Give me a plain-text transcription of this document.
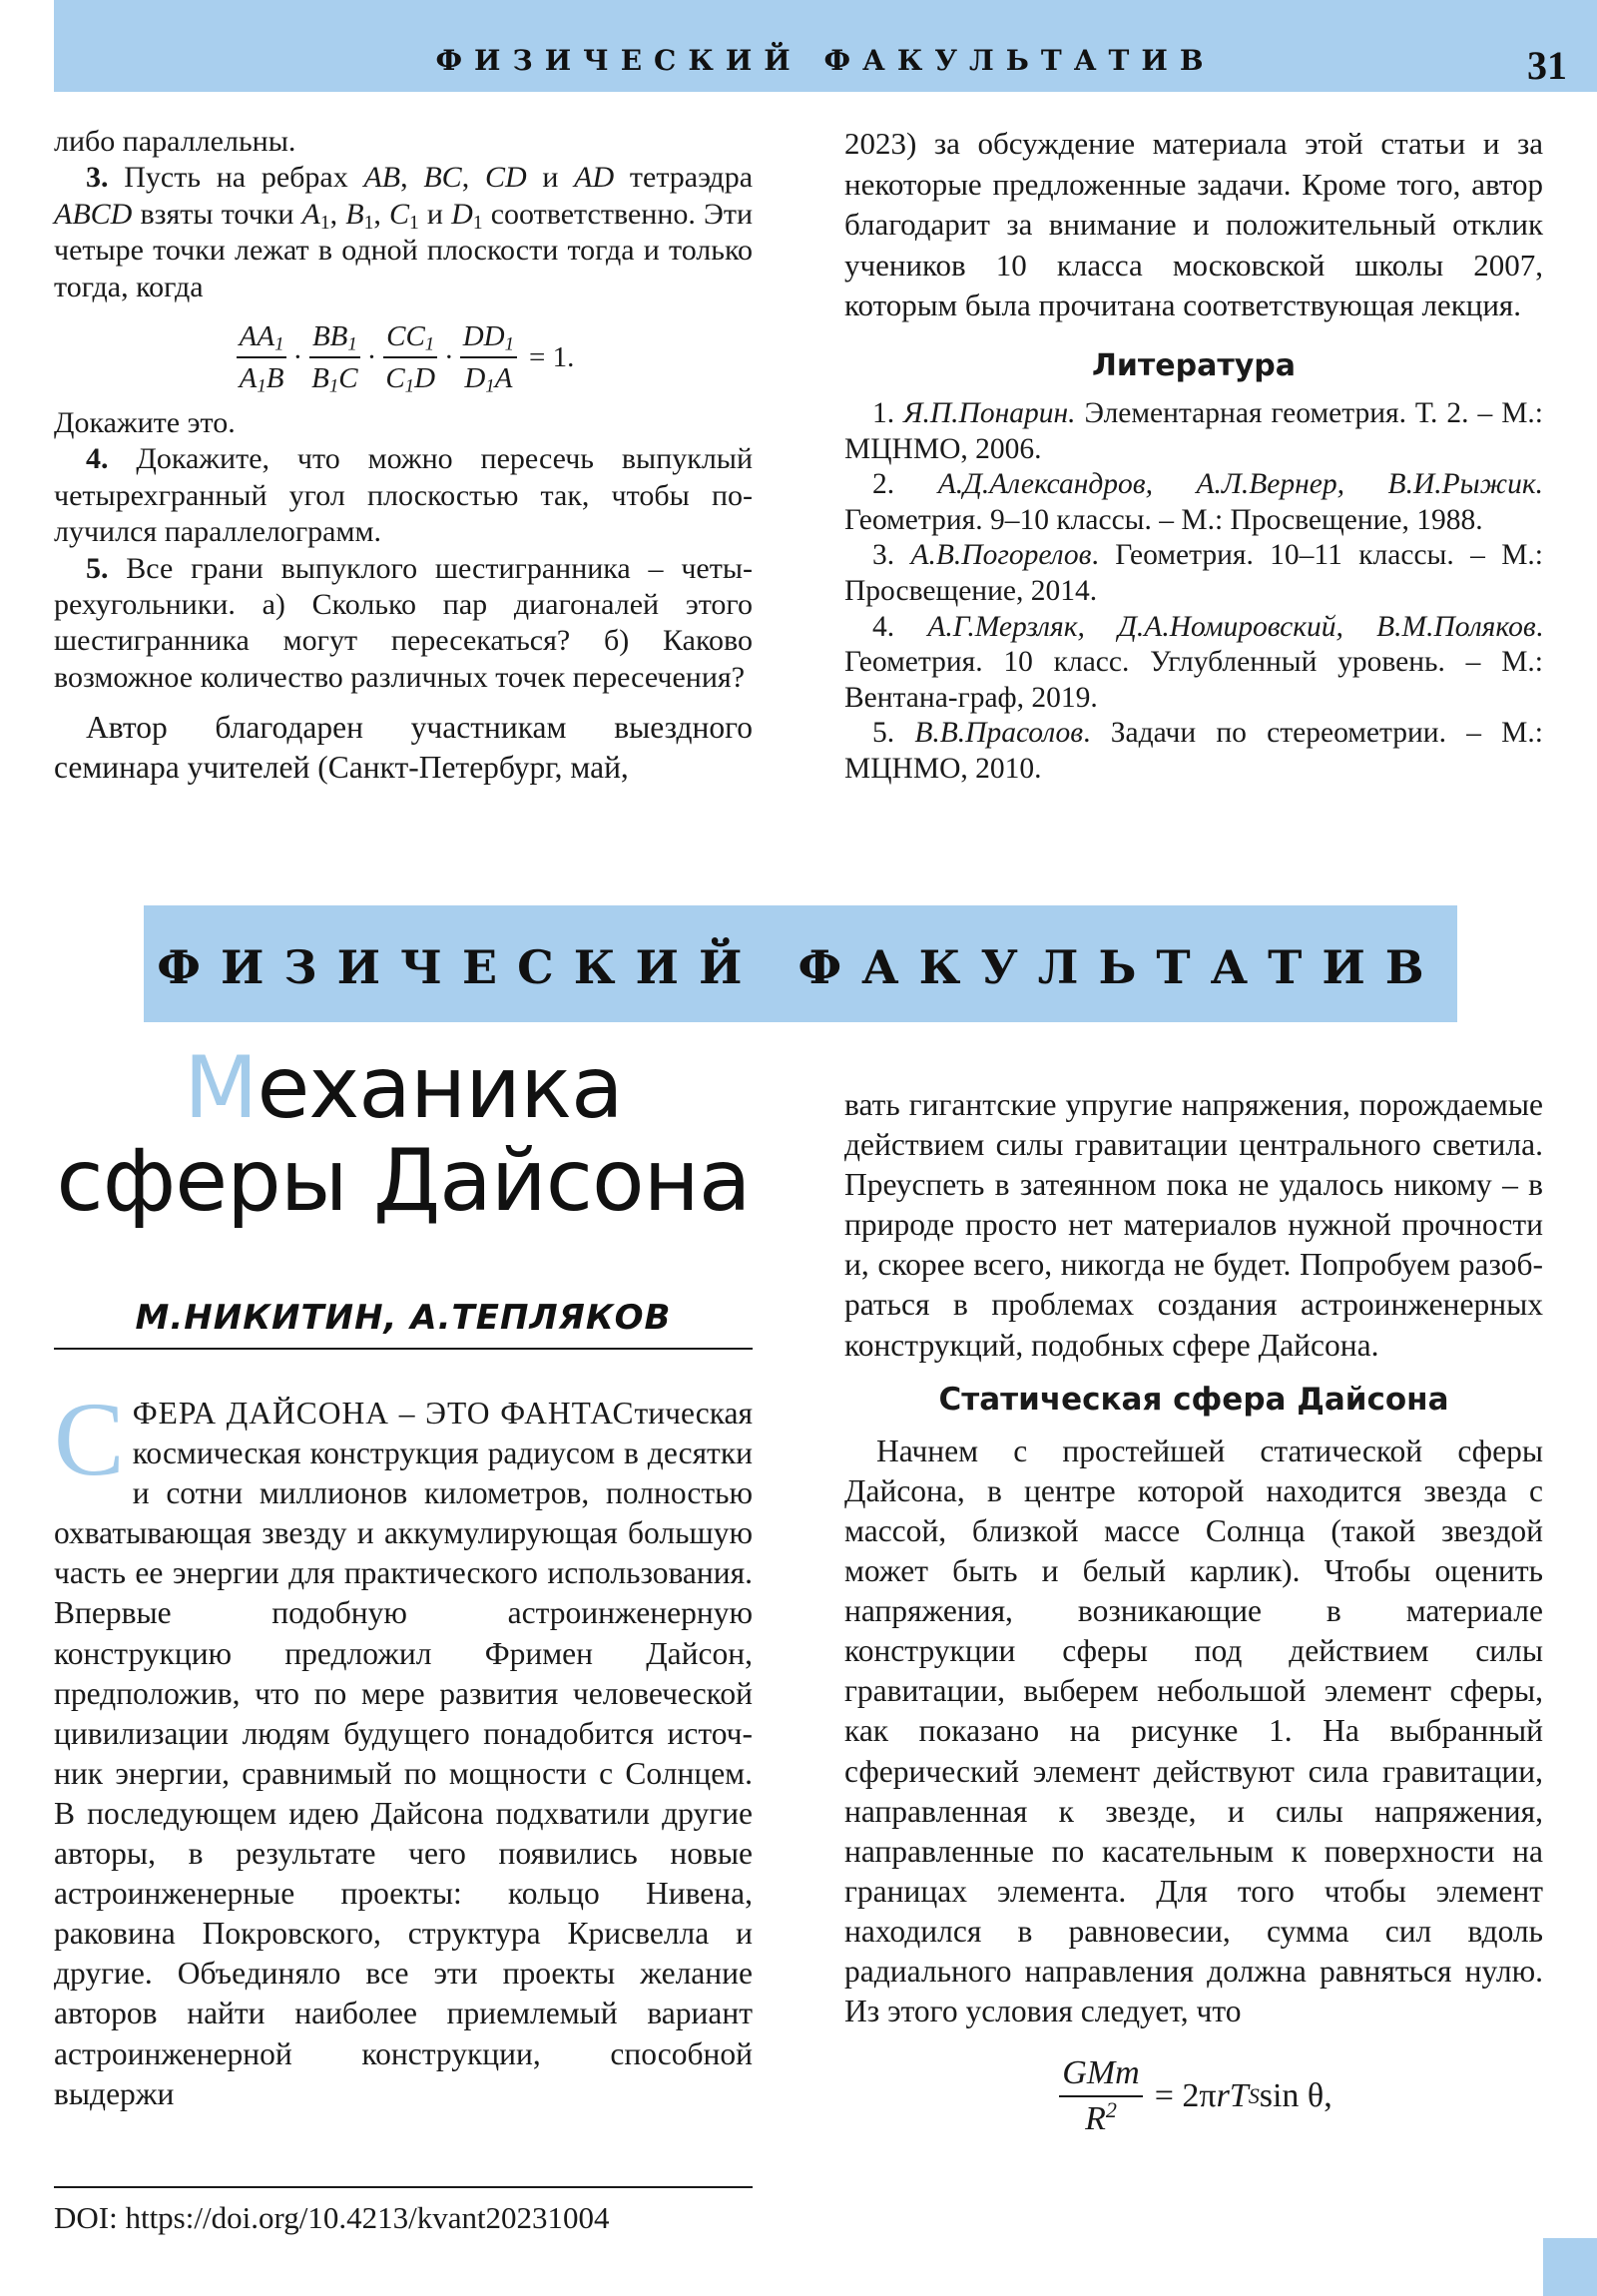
ФИЗИЧЕСКИЙ ФАКУЛЬТАТИВ	31

либо параллельны.

3. Пусть на ребрах AB, BC, CD и AD тетраэдра ABCD взяты точки $A_1$, $B_1$, $C_1$ и $D_1$ соответственно. Эти четыре точки лежат в одной плоскости тогда и только тогда, когда

$\frac{AA_1}{A_1B} \cdot \frac{BB_1}{B_1C} \cdot \frac{CC_1}{C_1D} \cdot \frac{DD_1}{D_1A} = 1$.

Докажите это.

4. Докажите, что можно пересечь выпуклый четырехгранный угол плоскостью так, чтобы получился параллелограмм.

5. Все грани выпуклого шестигранника – четырехугольники. а) Сколько пар диагоналей этого шестигранника могут пересекаться? б) Каково возможное количество различных точек пересечения?

Автор благодарен участникам выездного семинара учителей (Санкт-Петербург, май,

2023) за обсуждение материала этой статьи и за некоторые предложенные задачи. Кроме того, автор благодарит за внимание и положительный отклик учеников 10 класса московской школы 2007, которым была прочитана соответствующая лекция.

Литература

1. Я.П.Понарин. Элементарная геометрия. Т. 2. – М.: МЦНМО, 2006.

2. А.Д.Александров, А.Л.Вернер, В.И.Рыжик. Геометрия. 9–10 классы. – М.: Просвещение, 1988.

3. А.В.Погорелов. Геометрия. 10–11 классы. – М.: Просвещение, 2014.

4. А.Г.Мерзляк, Д.А.Номировский, В.М.Поляков. Геометрия. 10 класс. Углубленный уровень. – М.: Вентана-граф, 2019.

5. В.В.Прасолов. Задачи по стереометрии. – М.: МЦНМО, 2010.

ФИЗИЧЕСКИЙ ФАКУЛЬТАТИВ
Механика
сферы Дайсона
М.НИКИТИН, А.ТЕПЛЯКОВ

СФЕРА ДАЙСОНА – ЭТО ФАНТАСтическая космическая конструкция радиусом в десятки и сотни миллионов километров, полностью охватывающая звезду и аккумулирующая большую часть ее энергии для практического использования. Впервые подобную астроинженерную конструкцию предложил Фримен Дайсон, предположив, что по мере развития человеческой цивилизации людям будущего понадобится источник энергии, сравнимый по мощности с Солнцем. В последующем идею Дайсона подхватили другие авторы, в результате чего появились новые астроинженерные проекты: кольцо Нивена, раковина Покровского, структура Крисвелла и другие. Объединяло все эти проекты желание авторов найти наиболее приемлемый вариант астроинженерной конструкции, способной выдержи

DOI: https://doi.org/10.4213/kvant20231004

вать гигантские упругие напряжения, порождаемые действием силы гравитации центрального светила. Преуспеть в затеянном пока не удалось никому – в природе просто нет материалов нужной прочности и, скорее всего, никогда не будет. Попробуем разобраться в проблемах создания астроинженерных конструкций, подобных сфере Дайсона.

Статическая сфера Дайсона

Начнем с простейшей статической сферы Дайсона, в центре которой находится звезда с массой, близкой массе Солнца (такой звездой может быть и белый карлик). Чтобы оценить напряжения, возникающие в материале конструкции сферы под действием силы гравитации, выберем небольшой элемент сферы, как показано на рисунке 1. На выбранный сферический элемент действуют сила гравитации, направленная к звезде, и силы напряжения, направленные по касательным к поверхности на границах элемента. Для того чтобы элемент находился в равновесии, сумма сил вдоль радиального направления должна равняться нулю. Из этого условия следует, что

$\frac{\text{GMm}}{R^2} = 2\pi$ rT S sin θ,
